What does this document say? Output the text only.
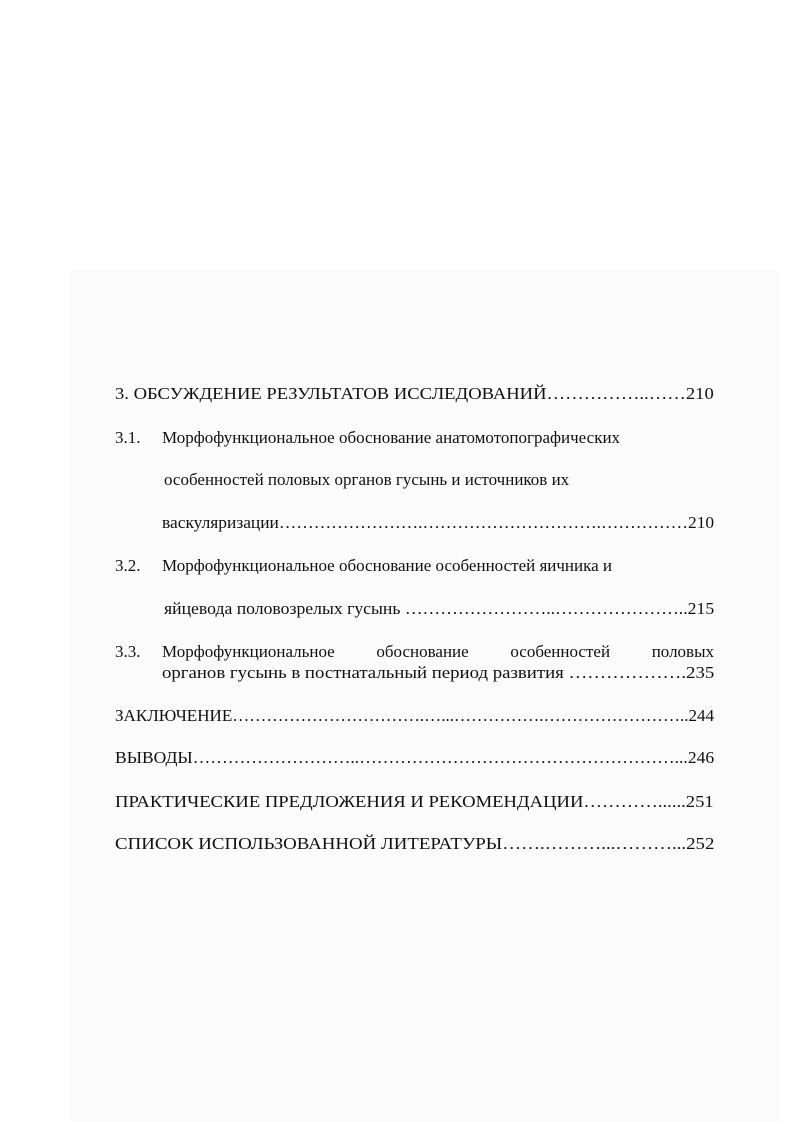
3. ОБСУЖДЕНИЕ РЕЗУЛЬТАТОВ ИССЛЕДОВАНИЙ……………..……210
3.1. Морфофункциональное обоснование анатомотопографических
особенностей половых органов гусынь и источников их
васкуляризации…………………….………………………….……………210
3.2. Морфофункциональное обоснование особенностей яичника и
яйцевода половозрелых гусынь ……………………..…………………..215
3.3. Морфофункциональное обоснование особенностей половых
органов гусынь в постнатальный период развития ……………….235
ЗАКЛЮЧЕНИЕ…………………………….…...…………….……………………..244
ВЫВОДЫ………………………..………………………………………………...246
ПРАКТИЧЕСКИЕ ПРЕДЛОЖЕНИЯ И РЕКОМЕНДАЦИИ…………......251
СПИСОК ИСПОЛЬЗОВАННОЙ ЛИТЕРАТУРЫ…….………...………...252
